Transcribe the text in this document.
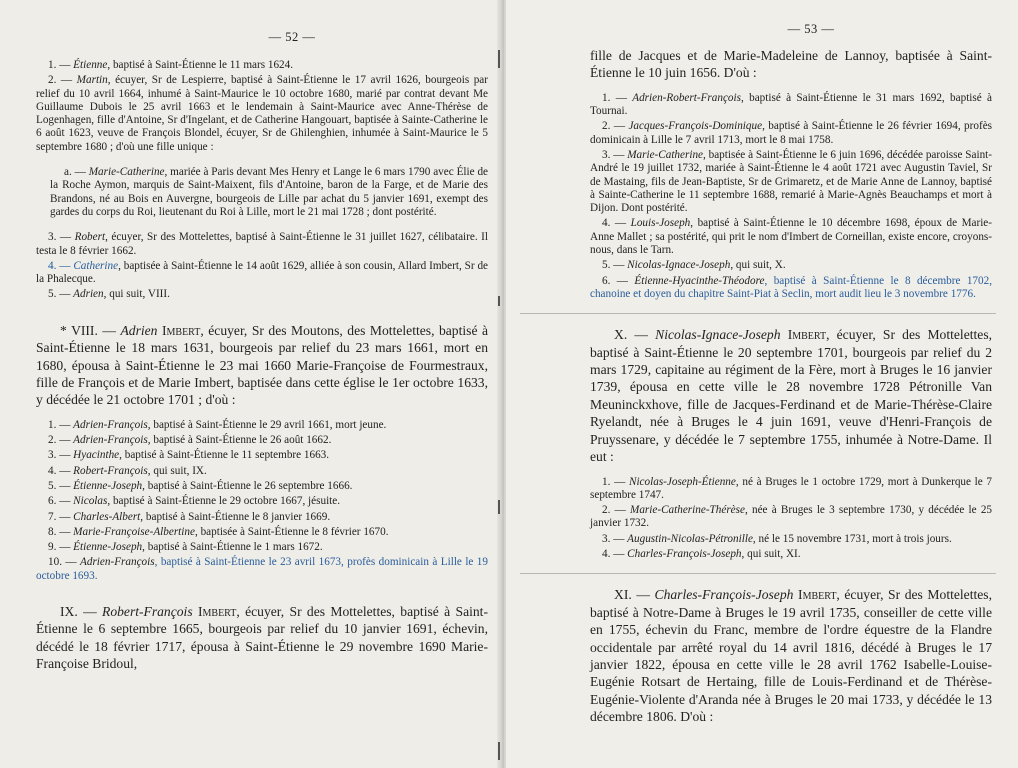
— 52 —

1. — Étienne, baptisé à Saint-Étienne le 11 mars 1624.

2. — Martin, écuyer, Sr de Lespierre, baptisé à Saint-Étienne le 17 avril 1626, bourgeois par relief du 10 avril 1664, inhumé à Saint-Maurice le 10 octobre 1680, marié par contrat devant Me Guillaume Dubois le 25 avril 1663 et le lendemain à Saint-Maurice avec Anne-Thérèse de Logenhagen, fille d'Antoine, Sr d'Ingelant, et de Catherine Hangouart, baptisée à Sainte-Catherine le 6 août 1623, veuve de François Blondel, écuyer, Sr de Ghilenghien, inhumée à Saint-Maurice le 5 septembre 1680 ; d'où une fille unique :

a. — Marie-Catherine, mariée à Paris devant Mes Henry et Lange le 6 mars 1790 avec Élie de la Roche Aymon, marquis de Saint-Maixent, fils d'Antoine, baron de la Farge, et de Marie des Brandons, né au Bois en Auvergne, bourgeois de Lille par achat du 5 janvier 1691, exempt des gardes du corps du Roi, lieutenant du Roi à Lille, mort le 21 mai 1728 ; dont postérité.

3. — Robert, écuyer, Sr des Mottelettes, baptisé à Saint-Étienne le 31 juillet 1627, célibataire. Il testa le 8 février 1662.

4. — Catherine, baptisée à Saint-Étienne le 14 août 1629, alliée à son cousin, Allard Imbert, Sr de la Phalecque.

5. — Adrien, qui suit, VIII.

* VIII. — Adrien Imbert, écuyer, Sr des Moutons, des Mottelettes, baptisé à Saint-Étienne le 18 mars 1631, bourgeois par relief du 23 mars 1661, mort en 1680, épousa à Saint-Étienne le 23 mai 1660 Marie-Françoise de Fourmestraux, fille de François et de Marie Imbert, baptisée dans cette église le 1er octobre 1633, y décédée le 21 octobre 1701 ; d'où :

1. — Adrien-François, baptisé à Saint-Étienne le 29 avril 1661, mort jeune.

2. — Adrien-François, baptisé à Saint-Étienne le 26 août 1662.

3. — Hyacinthe, baptisé à Saint-Étienne le 11 septembre 1663.

4. — Robert-François, qui suit, IX.

5. — Étienne-Joseph, baptisé à Saint-Étienne le 26 septembre 1666.

6. — Nicolas, baptisé à Saint-Étienne le 29 octobre 1667, jésuite.

7. — Charles-Albert, baptisé à Saint-Étienne le 8 janvier 1669.

8. — Marie-Françoise-Albertine, baptisée à Saint-Étienne le 8 février 1670.

9. — Étienne-Joseph, baptisé à Saint-Étienne le 1 mars 1672.

10. — Adrien-François, baptisé à Saint-Étienne le 23 avril 1673, profès dominicain à Lille le 19 octobre 1693.

IX. — Robert-François Imbert, écuyer, Sr des Mottelettes, baptisé à Saint-Étienne le 6 septembre 1665, bourgeois par relief du 10 janvier 1691, échevin, décédé le 18 février 1717, épousa à Saint-Étienne le 29 novembre 1690 Marie-Françoise Bridoul,

— 53 —

fille de Jacques et de Marie-Madeleine de Lannoy, baptisée à Saint-Étienne le 10 juin 1656. D'où :

1. — Adrien-Robert-François, baptisé à Saint-Étienne le 31 mars 1692, baptisé à Tournai.

2. — Jacques-François-Dominique, baptisé à Saint-Étienne le 26 février 1694, profès dominicain à Lille le 7 avril 1713, mort le 8 mai 1758.

3. — Marie-Catherine, baptisée à Saint-Étienne le 6 juin 1696, décédée paroisse Saint-André le 19 juillet 1732, mariée à Saint-Étienne le 4 août 1721 avec Augustin Taviel, Sr de Mastaing, fils de Jean-Baptiste, Sr de Grimaretz, et de Marie Anne de Lannoy, baptisé à Sainte-Catherine le 11 septembre 1688, remarié à Marie-Agnès Beauchamps et mort à Dijon. Dont postérité.

4. — Louis-Joseph, baptisé à Saint-Étienne le 10 décembre 1698, époux de Marie-Anne Mallet ; sa postérité, qui prit le nom d'Imbert de Corneillan, existe encore, croyons-nous, dans le Tarn.

5. — Nicolas-Ignace-Joseph, qui suit, X.

6. — Étienne-Hyacinthe-Théodore, baptisé à Saint-Étienne le 8 décembre 1702, chanoine et doyen du chapitre Saint-Piat à Seclin, mort audit lieu le 3 novembre 1776.

X. — Nicolas-Ignace-Joseph Imbert, écuyer, Sr des Mottelettes, baptisé à Saint-Étienne le 20 septembre 1701, bourgeois par relief du 2 mars 1729, capitaine au régiment de la Fère, mort à Bruges le 16 janvier 1739, épousa en cette ville le 28 novembre 1728 Pétronille Van Meuninckxhove, fille de Jacques-Ferdinand et de Marie-Thérèse-Claire Ryelandt, née à Bruges le 4 juin 1691, veuve d'Henri-François de Pruyssenare, y décédée le 7 septembre 1755, inhumée à Notre-Dame. Il eut :

1. — Nicolas-Joseph-Étienne, né à Bruges le 1 octobre 1729, mort à Dunkerque le 7 septembre 1747.

2. — Marie-Catherine-Thérèse, née à Bruges le 3 septembre 1730, y décédée le 25 janvier 1732.

3. — Augustin-Nicolas-Pétronille, né le 15 novembre 1731, mort à trois jours.

4. — Charles-François-Joseph, qui suit, XI.

XI. — Charles-François-Joseph Imbert, écuyer, Sr des Mottelettes, baptisé à Notre-Dame à Bruges le 19 avril 1735, conseiller de cette ville en 1755, échevin du Franc, membre de l'ordre équestre de la Flandre occidentale par arrêté royal du 14 avril 1816, décédé à Bruges le 17 janvier 1822, épousa en cette ville le 28 avril 1762 Isabelle-Louise-Eugénie Rotsart de Hertaing, fille de Louis-Ferdinand et de Thérèse-Eugénie-Violente d'Aranda née à Bruges le 20 mai 1733, y décédée le 13 décembre 1806. D'où :
